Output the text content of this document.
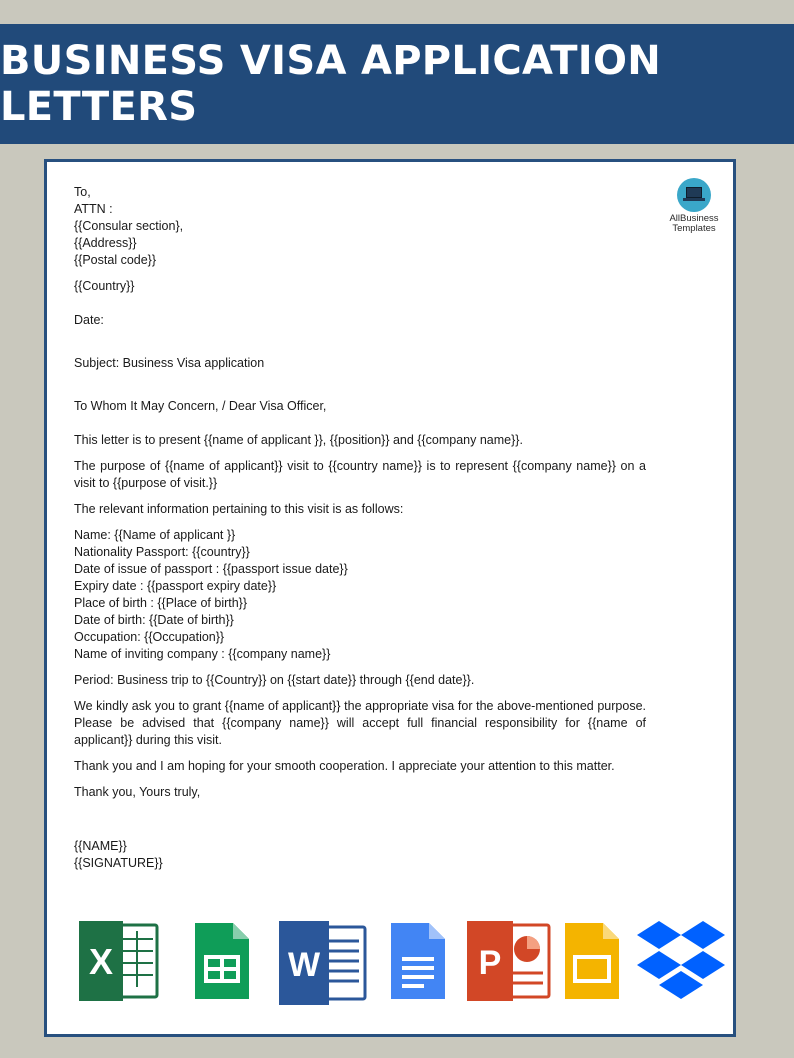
BUSINESS VISA APPLICATION LETTERS
AllBusiness
Templates
To,
ATTN :
{{Consular section},
{{Address}}
{{Postal code}}
{{Country}}
Date:
Subject: Business Visa application
To Whom It May Concern, / Dear Visa Officer,
This letter is to present {{name of applicant }}, {{position}} and {{company name}}.

The purpose of {{name of applicant}} visit to {{country name}} is to represent {{company name}} on a visit to {{purpose of visit.}}

The relevant information pertaining to this visit is as follows:
Name: {{Name of applicant }}
Nationality Passport: {{country}}
Date of issue of passport : {{passport issue date}}
Expiry date : {{passport expiry date}}
Place of birth : {{Place of birth}}
Date of birth: {{Date of birth}}
Occupation: {{Occupation}}
Name of inviting company : {{company name}}
Period: Business trip to {{Country}} on {{start date}} through {{end date}}.

We kindly ask you to grant {{name of applicant}} the appropriate visa for the above-mentioned purpose. Please be advised that {{company name}} will accept full financial responsibility for {{name of applicant}} during this visit.

Thank you and I am hoping for your smooth cooperation. I appreciate your attention to this matter.
Thank you, Yours truly,
{{NAME}}
{{SIGNATURE}}
X	W	P
